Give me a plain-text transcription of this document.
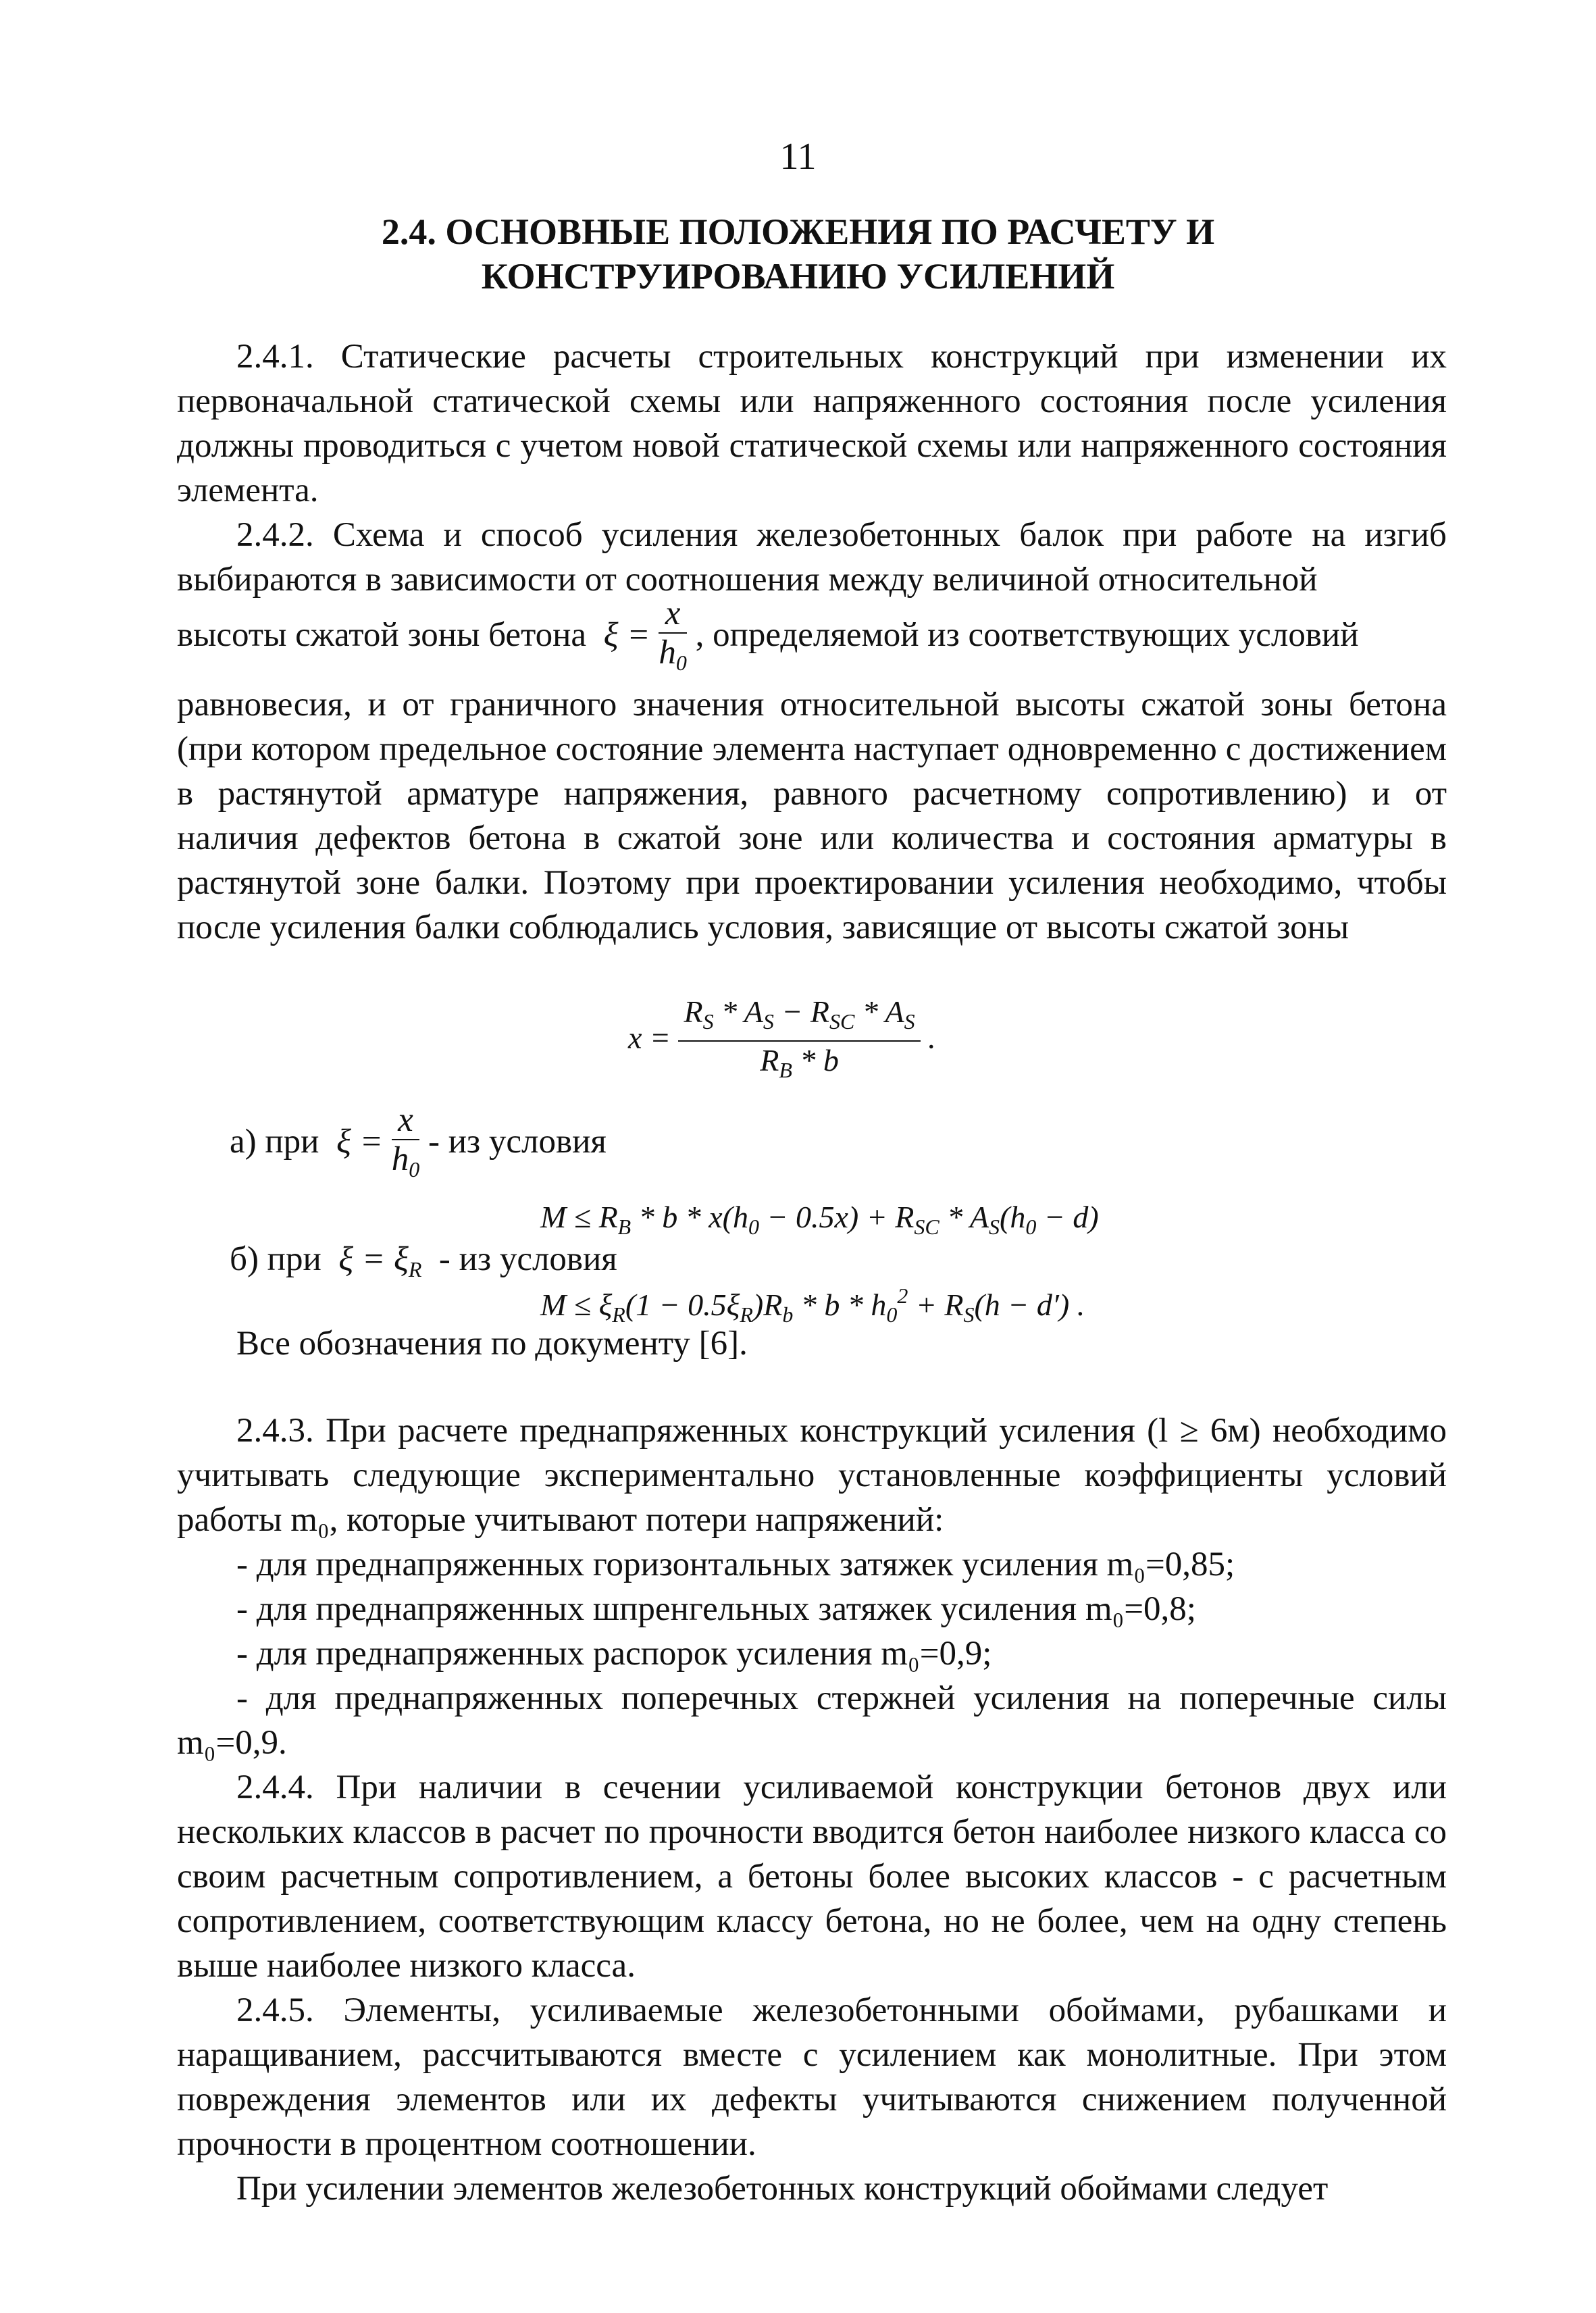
11
2.4. ОСНОВНЫЕ ПОЛОЖЕНИЯ ПО РАСЧЕТУ И
КОНСТРУИРОВАНИЮ УСИЛЕНИЙ

2.4.1. Статические расчеты строительных конструкций при изменении их первоначальной статической схемы или напряженного состояния после усиления должны проводиться с учетом новой статической схемы или напряженного состояния элемента.

2.4.2. Схема и способ усиления железобетонных балок при работе на изгиб выбираются в зависимости от соотношения между величиной относительной

высоты сжатой зоны бетона  $\xi = \frac{x}{h_0}$ , определяемой из соответствующих условий

равновесия, и от граничного значения относительной высоты сжатой зоны бетона (при котором предельное состояние элемента наступает одновременно с достижением в растянутой арматуре напряжения, равного расчетному сопротивлению) и от наличия дефектов бетона в сжатой зоне или количества и состояния арматуры в растянутой зоне балки. Поэтому при проектировании усиления необходимо, чтобы после усиления балки соблюдались условия, зависящие от высоты сжатой зоны

$x = \frac{R_S * A_S - R_{SC} * A_S}{R_B * b}$ .
а) при  $\xi = \frac{x}{h_0}$ - из условия
$M \le R_B * b * x(h_0 - 0.5x) + R_{SC} * A_S(h_0 - d)$
б) при  $\xi = \xi_R$ - из условия
$M \le \xi_R(1 - 0.5\xi_R)R_b * b * h_0^2 + R_S(h - d')$ .
Все обозначения по документу [6].

2.4.3. При расчете преднапряженных конструкций усиления (l ≥ 6м) необходимо учитывать следующие экспериментально установленные коэффициенты условий работы m₀, которые учитывают потери напряжений:

- для преднапряженных горизонтальных затяжек усиления m₀=0,85;

- для преднапряженных шпренгельных затяжек усиления m₀=0,8;

- для преднапряженных распорок усиления m₀=0,9;

- для преднапряженных поперечных стержней усиления на поперечные силы m₀=0,9.

2.4.4. При наличии в сечении усиливаемой конструкции бетонов двух или нескольких классов в расчет по прочности вводится бетон наиболее низкого класса со своим расчетным сопротивлением, а бетоны более высоких классов - с расчетным сопротивлением, соответствующим классу бетона, но не более, чем на одну степень выше наиболее низкого класса.

2.4.5. Элементы, усиливаемые железобетонными обоймами, рубашками и наращиванием, рассчитываются вместе с усилением как монолитные. При этом повреждения элементов или их дефекты учитываются снижением полученной прочности в процентном соотношении.

При усилении элементов железобетонных конструкций обоймами следует
